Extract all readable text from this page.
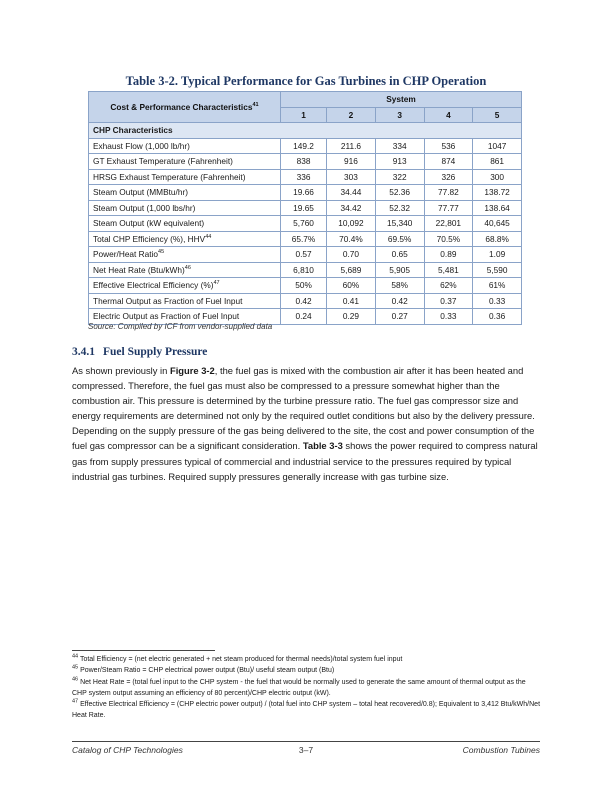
Table 3-2. Typical Performance for Gas Turbines in CHP Operation
Cost & Performance Characteristics$^{41}$	System				
	1	2	3	4	5
CHP Characteristics					
Exhaust Flow (1,000 lb/hr)	149.2	211.6	334	536	1047
GT Exhaust Temperature (Fahrenheit)	838	916	913	874	861
HRSG Exhaust Temperature (Fahrenheit)	336	303	322	326	300
Steam Output (MMBtu/hr)	19.66	34.44	52.36	77.82	138.72
Steam Output (1,000 lbs/hr)	19.65	34.42	52.32	77.77	138.64
Steam Output (kW equivalent)	5,760	10,092	15,340	22,801	40,645
Total CHP Efficiency (%), HHV$^{44}$	65.7%	70.4%	69.5%	70.5%	68.8%
Power/Heat Ratio$^{45}$	0.57	0.70	0.65	0.89	1.09
Net Heat Rate $(Btu/kWh)^{46}$	6,810	5,689	5,905	5,481	5,590
Effective Electrical Efficiency (%)$^{47}$	50%	60%	58%	62%	61%
Thermal Output as Fraction of Fuel Input	0.42	0.41	0.42	0.37	0.33
Electric Output as Fraction of Fuel Input	0.24	0.29	0.27	0.33	0.36
Source: Compiled by ICF from vendor-supplied data
3.4.1 Fuel Supply Pressure
As shown previously in Figure 3-2, the fuel gas is mixed with the combustion air after it has been heated and compressed. Therefore, the fuel gas must also be compressed to a pressure somewhat higher than the combustion air. This pressure is determined by the turbine pressure ratio. The fuel gas compressor size and energy requirements are determined not only by the required outlet conditions but also by the delivery pressure. Depending on the supply pressure of the gas being delivered to the site, the cost and power consumption of the fuel gas compressor can be a significant consideration. Table 3-3 shows the power required to compress natural gas from supply pressures typical of commercial and industrial service to the pressures required by typical industrial gas turbines. Required supply pressures generally increase with gas turbine size.

$^{44}$ Total Efficiency = (net electric generated + net steam produced for thermal needs)/total system fuel input

$^{45}$ Power/Steam Ratio = CHP electrical power output (Btu)/ useful steam output (Btu)

$^{46}$ Net Heat Rate = (total fuel input to the CHP system - the fuel that would be normally used to generate the same amount of thermal output as the CHP system output assuming an efficiency of 80 percent)/CHP electric output (kW).

$^{47}$ Effective Electrical Efficiency = (CHP electric power output) / (total fuel into CHP system – total heat recovered/0.8); Equivalent to 3,412 Btu/kWh/Net Heat Rate.

Catalog of CHP Technologies	3–7	Combustion Tubines
